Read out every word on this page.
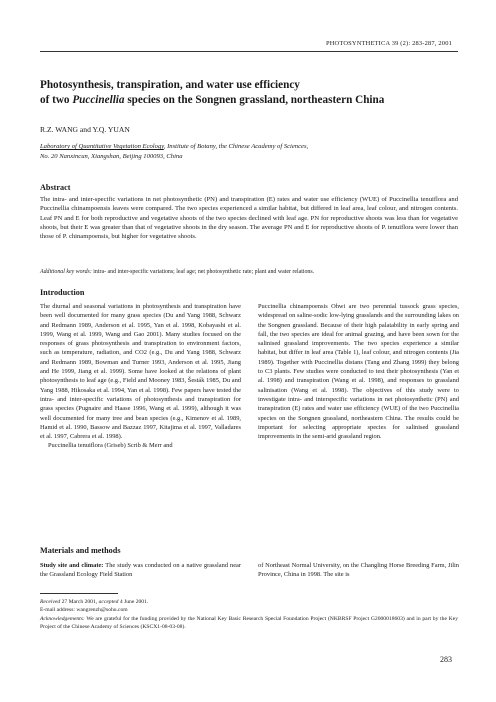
PHOTOSYNTHETICA 39 (2): 283-287, 2001
Photosynthesis, transpiration, and water use efficiency
of two Puccinellia species on the Songnen grassland, northeastern China
R.Z. WANG and Y.Q. YUAN
Laboratory of Quantitative Vegetation Ecology, Institute of Botany, the Chinese Academy of Sciences,
No. 20 Nanxincun, Xiangshan, Beijing 100093, China
Abstract
The intra- and inter-specific variations in net photosynthetic (PN) and transpiration (E) rates and water use efficiency (WUE) of Puccinellia tenuiflora and Puccinellia chinampoensis leaves were compared. The two species experienced a similar habitat, but differed in leaf area, leaf colour, and nitrogen contents. Leaf PN and E for both reproductive and vegetative shoots of the two species declined with leaf age. PN for reproductive shoots was less than for vegetative shoots, but their E was greater than that of vegetative shoots in the dry season. The average PN and E for reproductive shoots of P. tenuiflora were lower than those of P. chinampoensis, but higher for vegetative shoots.
Additional key words: intra- and inter-specific variations; leaf age; net photosynthetic rate; plant and water relations.
Introduction

The diurnal and seasonal variations in photosynthesis and transpiration have been well documented for many grass species (Du and Yang 1988, Schwarz and Redmann 1989, Anderson et al. 1995, Yan et al. 1998, Kobayashi et al. 1999, Wang et al. 1999, Wang and Gao 2001). Many studies focused on the responses of grass photosynthesis and transpiration to environment factors, such as temperature, radiation, and CO2 (e.g., Du and Yang 1988, Schwarz and Redmann 1989, Bowman and Turner 1993, Anderson et al. 1995, Jiang and He 1999, Jiang et al. 1999). Some have looked at the relations of plant photosynthesis to leaf age (e.g., Field and Mooney 1983, Šesták 1985, Du and Yang 1988, Hikosaka et al. 1994, Yan et al. 1998). Few papers have tested the intra- and inter-specific variations of photosynthesis and transpiration for grass species (Pugnaire and Haase 1996, Wang et al. 1999), although it was well documented for many tree and bean species (e.g., Kimenov et al. 1989, Hamid et al. 1990, Bassow and Bazzaz 1997, Kitajima et al. 1997, Valladares et al. 1997, Cabrera et al. 1998).

Puccinellia tenuiflora (Griseb) Scrib & Merr and

Puccinellia chinampoensis Ohwi are two perennial tussock grass species, widespread on saline-sodic low-lying grasslands and the surrounding lakes on the Songnen grassland. Because of their high palatability in early spring and fall, the two species are ideal for animal grazing, and have been sown for the salinised grassland improvements. The two species experience a similar habitat, but differ in leaf area (Table 1), leaf colour, and nitrogen contents (Jia 1989). Together with Puccinellia distans (Tang and Zhang 1999) they belong to C3 plants. Few studies were conducted to test their photosynthesis (Yan et al. 1998) and transpiration (Wang et al. 1998), and responses to grassland salinisation (Wang et al. 1998). The objectives of this study were to investigate intra- and interspecific variations in net photosynthetic (PN) and transpiration (E) rates and water use efficiency (WUE) of the two Puccinellia species on the Songnen grassland, northeastern China. The results could be important for selecting appropriate species for salinised grassland improvements in the semi-arid grassland region.

Materials and methods
Study site and climate: The study was conducted on a native grassland near the Grassland Ecology Field Station
of Northeast Normal University, on the Changling Horse Breeding Farm, Jilin Province, China in 1998. The site is
Received 27 March 2001, accepted 4 June 2001.
E-mail address: wangrenzh@sohu.com
Acknowledgements: We are grateful for the funding provided by the National Key Basic Research Special Foundation Project (NKBRSF Project G2000018603) and in part by the Key Project of the Chinese Academy of Sciences (KSCX1-08-03-08).
283
